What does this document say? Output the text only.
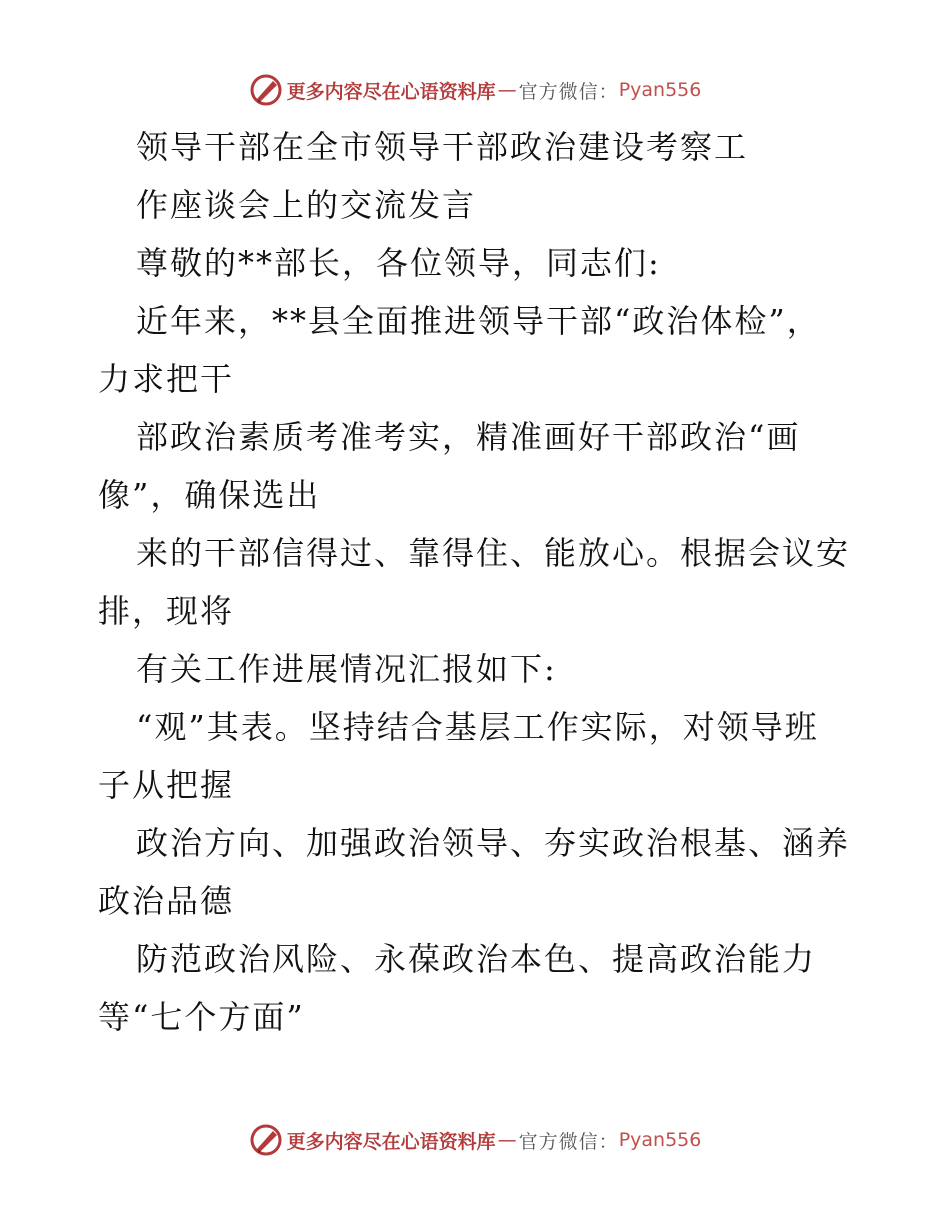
更多内容尽在心语资料库 — 官方微信： Pyan556
领导干部在全市领导干部政治建设考察工
作座谈会上的交流发言
尊敬的**部长，各位领导，同志们:
近年来，**县全面推进领导干部“政治体检”，
力求把干
部政治素质考准考实，精准画好干部政治“画
像”，确保选出
来的干部信得过、靠得住、能放心。根据会议安
排，现将
有关工作进展情况汇报如下:
“观”其表。坚持结合基层工作实际，对领导班
子从把握
政治方向、加强政治领导、夯实政治根基、涵养
政治品德
防范政治风险、永葆政治本色、提高政治能力
等“七个方面”
更多内容尽在心语资料库 — 官方微信： Pyan556
